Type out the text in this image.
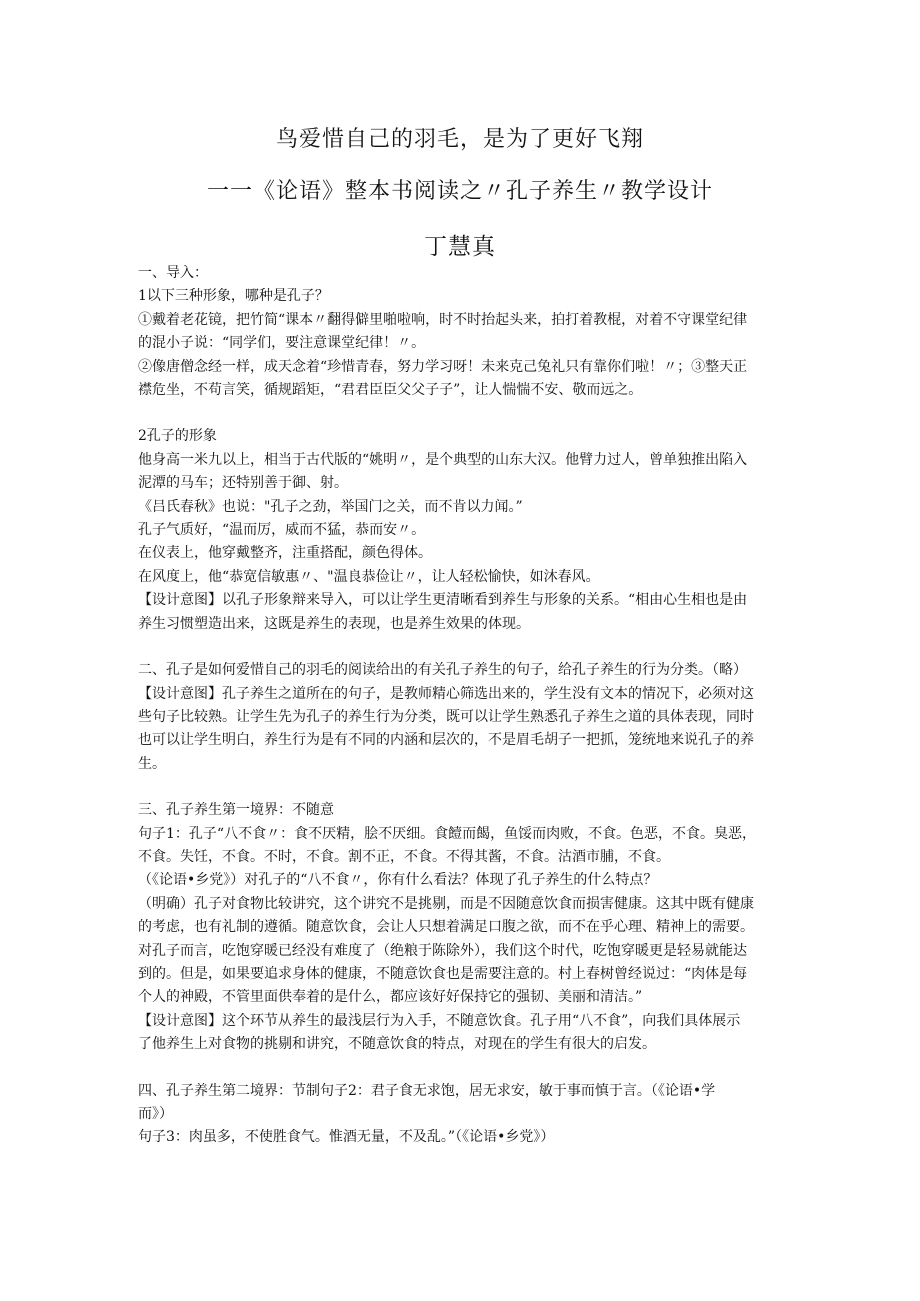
鸟爱惜自己的羽毛，是为了更好飞翔
一一《论语》整本书阅读之〃孔子养生〃教学设计
丁慧真

一、导入：

1以下三种形象，哪种是孔子？

①戴着老花镜，把竹简“课本〃翻得僻里啪啦响，时不时抬起头来，拍打着教棍，对着不守课堂纪律

的混小子说：“同学们，要注意课堂纪律！〃。

②像唐僧念经一样，成天念着“珍惜青春，努力学习呀！未来克己兔礼只有靠你们啦！〃；③整天正

襟危坐，不苟言笑，循规蹈矩，“君君臣臣父父子子”，让人惴惴不安、敬而远之。

2孔子的形象

他身高一米九以上，相当于古代版的“姚明〃，是个典型的山东大汉。他臂力过人，曾单独推出陷入

泥潭的马车；还特别善于御、射。

《吕氏春秋》也说："孔子之劲，举国门之关，而不肯以力闻。”

孔子气质好，“温而厉，威而不猛，恭而安〃。

在仪表上，他穿戴整齐，注重搭配，颜色得体。

在风度上，他“恭宽信敏惠〃、"温良恭俭让〃，让人轻松愉快，如沐春风。

【设计意图】以孔子形象辩来导入，可以让学生更清晰看到养生与形象的关系。“相由心生相也是由

养生习惯塑造出来，这既是养生的表现，也是养生效果的体现。

二、孔子是如何爱惜自己的羽毛的阅读给出的有关孔子养生的句子，给孔子养生的行为分类。（略）

【设计意图】孔子养生之道所在的句子，是教师精心筛选出来的，学生没有文本的情况下，必须对这

些句子比较熟。让学生先为孔子的养生行为分类，既可以让学生熟悉孔子养生之道的具体表现，同时

也可以让学生明白，养生行为是有不同的内涵和层次的，不是眉毛胡子一把抓，笼统地来说孔子的养

生。

三、孔子养生第一境界：不随意

句子1：孔子“八不食〃：食不厌精，脍不厌细。食饐而餲，鱼馁而肉败，不食。色恶，不食。臭恶，

不食。失饪，不食。不时，不食。割不正，不食。不得其酱，不食。沽酒市脯，不食。

（《论语•乡党》）对孔子的“八不食〃，你有什么看法？体现了孔子养生的什么特点？

（明确）孔子对食物比较讲究，这个讲究不是挑剔，而是不因随意饮食而损害健康。这其中既有健康

的考虑，也有礼制的遵循。随意饮食，会让人只想着满足口腹之欲，而不在乎心理、精神上的需要。

对孔子而言，吃饱穿暖已经没有难度了（绝粮于陈除外），我们这个时代，吃饱穿暖更是轻易就能达

到的。但是，如果要追求身体的健康，不随意饮食也是需要注意的。村上春树曾经说过：“肉体是每

个人的神殿，不管里面供奉着的是什么，都应该好好保持它的强韧、美丽和清洁。”

【设计意图】这个环节从养生的最浅层行为入手，不随意饮食。孔子用“八不食”，向我们具体展示

了他养生上对食物的挑剔和讲究，不随意饮食的特点，对现在的学生有很大的启发。

四、孔子养生第二境界：节制句子2：君子食无求饱，居无求安，敏于事而慎于言。（《论语•学

而》）

句子3：肉虽多，不使胜食气。惟酒无量，不及乱。”（《论语•乡党》）
